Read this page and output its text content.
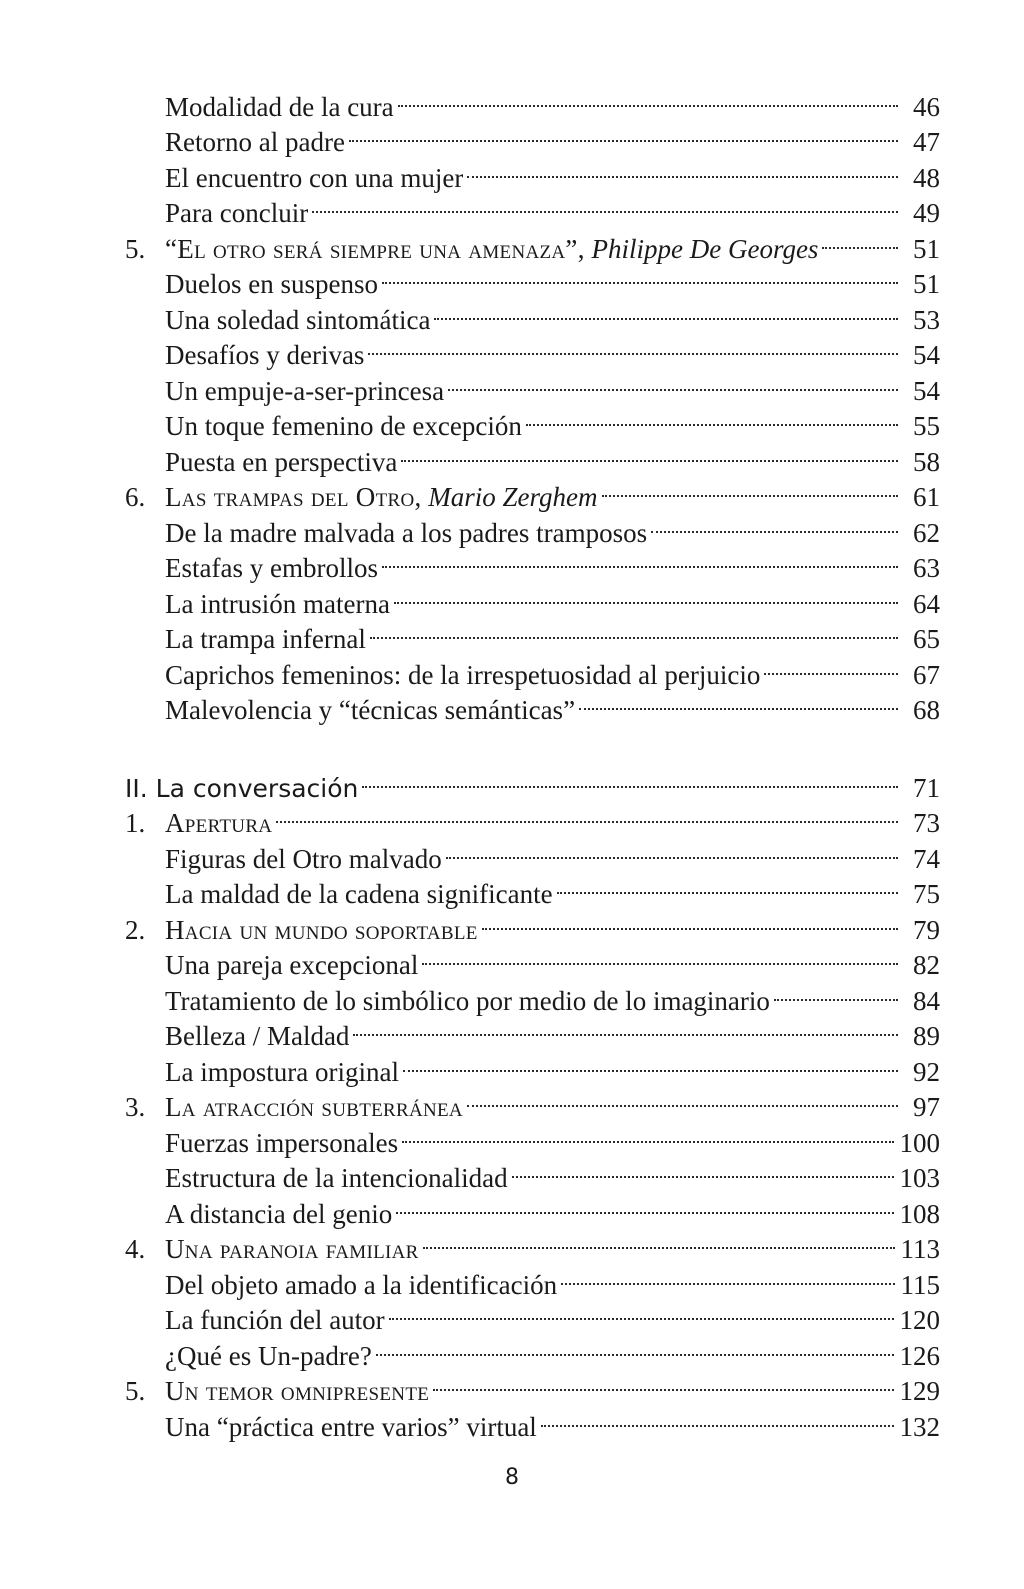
Modalidad de la cura	46
Retorno al padre	47
El encuentro con una mujer	48
Para concluir	49
5. “El otro será siempre una amenaza”, Philippe De Georges	51
Duelos en suspenso	51
Una soledad sintomática	53
Desafíos y derivas	54
Un empuje-a-ser-princesa	54
Un toque femenino de excepción	55
Puesta en perspectiva	58
6. Las trampas del Otro, Mario Zerghem	61
De la madre malvada a los padres tramposos	62
Estafas y embrollos	63
La intrusión materna	64
La trampa infernal	65
Caprichos femeninos: de la irrespetuosidad al perjuicio	67
Malevolencia y “técnicas semánticas”	68
II. La conversación	71
1. Apertura	73
Figuras del Otro malvado	74
La maldad de la cadena significante	75
2. Hacia un mundo soportable	79
Una pareja excepcional	82
Tratamiento de lo simbólico por medio de lo imaginario	84
Belleza / Maldad	89
La impostura original	92
3. La atracción subterránea	97
Fuerzas impersonales	100
Estructura de la intencionalidad	103
A distancia del genio	108
4. Una paranoia familiar	113
Del objeto amado a la identificación	115
La función del autor	120
¿Qué es Un-padre?	126
5. Un temor omnipresente	129
Una “práctica entre varios” virtual	132
8
